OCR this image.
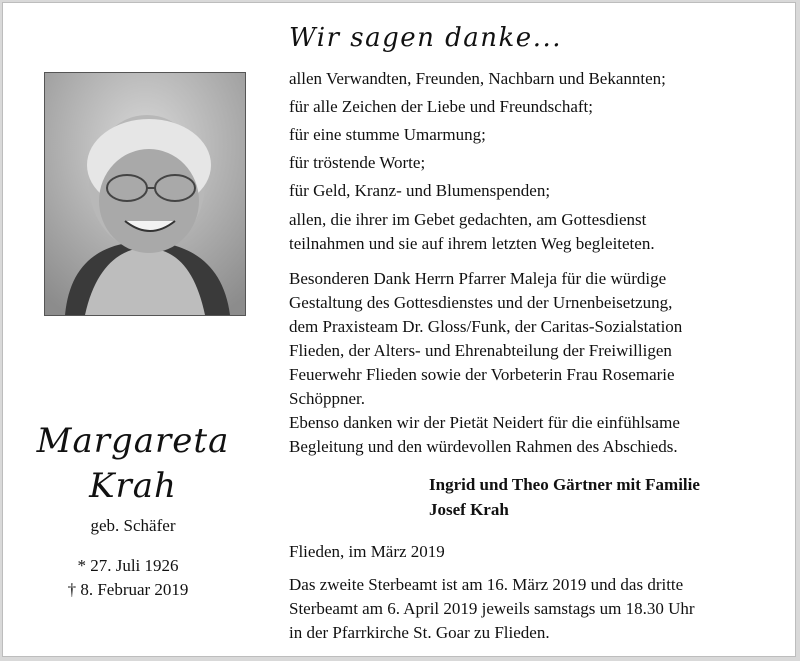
Margareta
Krah
geb. Schäfer
* 27. Juli 1926
† 8. Februar 2019
Wir sagen danke...
allen Verwandten, Freunden, Nachbarn und Bekannten;
für alle Zeichen der Liebe und Freundschaft;
für eine stumme Umarmung;
für tröstende Worte;
für Geld, Kranz- und Blumenspenden;
allen, die ihrer im Gebet gedachten, am Gottesdienst
teilnahmen und sie auf ihrem letzten Weg begleiteten.
Besonderen Dank Herrn Pfarrer Maleja für die würdige
Gestaltung des Gottesdienstes und der Urnenbeisetzung,
dem Praxisteam Dr. Gloss/Funk, der Caritas-Sozialstation
Flieden, der Alters- und Ehrenabteilung der Freiwilligen
Feuerwehr Flieden sowie der Vorbeterin Frau Rosemarie
Schöppner.
Ebenso danken wir der Pietät Neidert für die einfühlsame
Begleitung und den würdevollen Rahmen des Abschieds.
Ingrid und Theo Gärtner mit Familie
Josef Krah
Flieden, im März 2019
Das zweite Sterbeamt ist am 16. März 2019 und das dritte
Sterbeamt am 6. April 2019 jeweils samstags um 18.30 Uhr
in der Pfarrkirche St. Goar zu Flieden.
